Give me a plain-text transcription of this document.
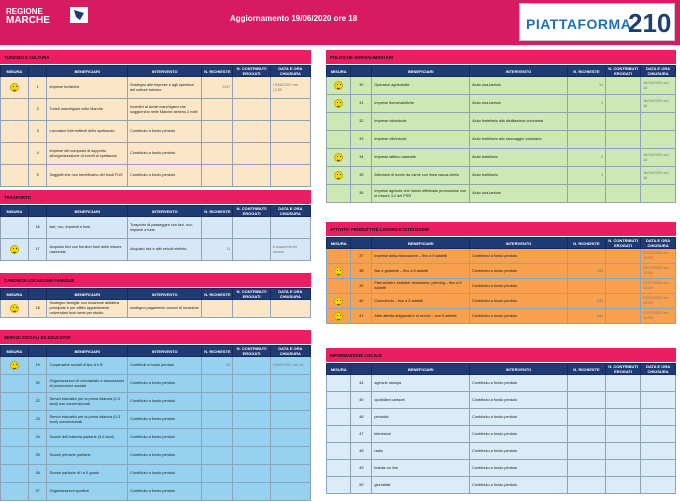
REGIONE
MARCHE	Aggiornamento 19/06/2020 ore 18	PIATTAFORMA
210
TURISMO E CULTURA
MISURA		BENEFICIARI	INTERVENTO	N. RICHIESTE	N. CONTRIBUTI EROGATI	DATA E ORA CHIUSURA
	1	Imprese turistiche	Sostegno alle imprese e agli operatori del settore turismo	1267		19/06/2020 ore 12:59
	2	Turisti marchigiani nelle Marche	Incentivi ai turisti marchigiani che soggiornino nelle Marche almeno 2 notti			
	3	Lavoratori intermittenti dello spettacolo	Contributo a fondo perduto			
	4	Imprese del comparto di supporto all'organizzazione di eventi di spettacolo	Contributo a fondo perduto			
	5	Soggetti che non beneficiano dei fondi FUS	Contributo a fondo perduto			
TRASPORTO
MISURA		BENEFICIARI	INTERVENTO	N. RICHIESTE	N. CONTRIBUTI EROGATI	DATA E ORA CHIUSURA
	16	taxi, ncc, impianti a fune	Trasporto di passeggeri con taxi, ncc, impianti a fune			
	17	Acquisto bici con fornitori fuori delle misure nazionale	Acquisto bici e altri veicoli elettrici	11		A esaurimento risorse
CANONI DI LOCAZIONE FAMIGLIE
MISURA		BENEFICIARI	INTERVENTO	N. RICHIESTE	N. CONTRIBUTI EROGATI	DATA E ORA CHIUSURA
	18	Sostegno famiglie con locazione abitativa principale e per affitto appartamenti universitari fuori sede per studio	sostegno pagamento canoni di locazione			
SERVIZI SOCIALI ED EDUCATIVI
MISURA		BENEFICIARI	INTERVENTO	N. RICHIESTE	N. CONTRIBUTI EROGATI	DATA E ORA CHIUSURA
	19	Cooperative sociali di tipo A e B	Contributi a fondo perduto	93		19/06/2020 ore 19
	20	Organizzazioni di volontariato e associazioni di promozione sociale	Contributo a fondo perduto			
	22	Servizi educativi per la prima infanzia (0-3 anni) non convenzionati	Contributo a fondo perduto			
	23	Servizi educativi per la prima infanzia (0-3 anni) convenzionati	Contributo a fondo perduto			
	24	Scuole dell'infanzia paritarie (3-6 anni)	Contributo a fondo perduto			
	25	Scuole primarie paritarie	Contributo a fondo perduto			
	26	Scuole paritarie di I e II grado	Contributo a fondo perduto			
	27	Organizzazioni sportive	Contributo a fondo perduto			
POLITICHE AGROALIMENTARI
MISURA		BENEFICIARI	INTERVENTO	N. RICHIESTE	N. CONTRIBUTI EROGATI	DATA E ORA CHIUSURA
	30	Operatori agrituristici	Aiuto una-tantum	14		16/06/2020 ore 16
	31	Imprese florovivaistiche	Aiuto una-tantum	4		16/06/2020 ore 16
	32	Imprese vitivinicole	Aiuto forfettario alla distillazione volontaria			
	33	Imprese vitivinicole	Aiuto forfettario allo stoccaggio volontario			
	34	Imprese lattiero casearie	Aiuto forfettario	2		16/06/2020 ore 16
	35	Allevatori di bovini da carne con linea vacca-vitello	Aiuto forfettario	3		16/06/2020 ore 16
	36	Imprese agricole che hanno effettuato promozione con le misure 3.2 del PSR	Aiuto una-tantum			
ATTIVITA' PRODUTTIVE LAVORO E ISTRUZIONE
MISURA		BENEFICIARI	INTERVENTO	N. RICHIESTE	N. CONTRIBUTI EROGATI	DATA E ORA CHIUSURA
	37	Imprese della ristorazione – fino a 9 addetti	Contributo a fondo perduto			07/07/2020 ore 12:59
	38	Bar e gelaterie – fino a 9 addetti	Contributo a fondo perduto	258		07/07/2020 ore 12:59
	39	Parrucchieri, estetisti, benessere, piercing – fino a 9 addetti	Contributo a fondo perduto			07/07/2020 ore 12:59
	40	Commercio – fino a 5 addetti	Contributo a fondo perduto	649		07/07/2020 ore 12:59
	41	Altre attività artigianali e di servizi – con 5 addetti	Contributo a fondo perduto	543		07/07/2020 ore 12:59
INFORMAZIONE LOCALE
MISURA		BENEFICIARI	INTERVENTO	N. RICHIESTE	N. CONTRIBUTI EROGATI	DATA E ORA CHIUSURA
	44	agenzie stampa	Contributo a fondo perduto			
	45	quotidiani cartacei	Contributo a fondo perduto			
	46	periodici	Contributo a fondo perduto			
	47	televisioni	Contributo a fondo perduto			
	48	radio	Contributo a fondo perduto			
	49	testate on line	Contributo a fondo perduto			
	50	giornalisti	Contributo a fondo perduto			
